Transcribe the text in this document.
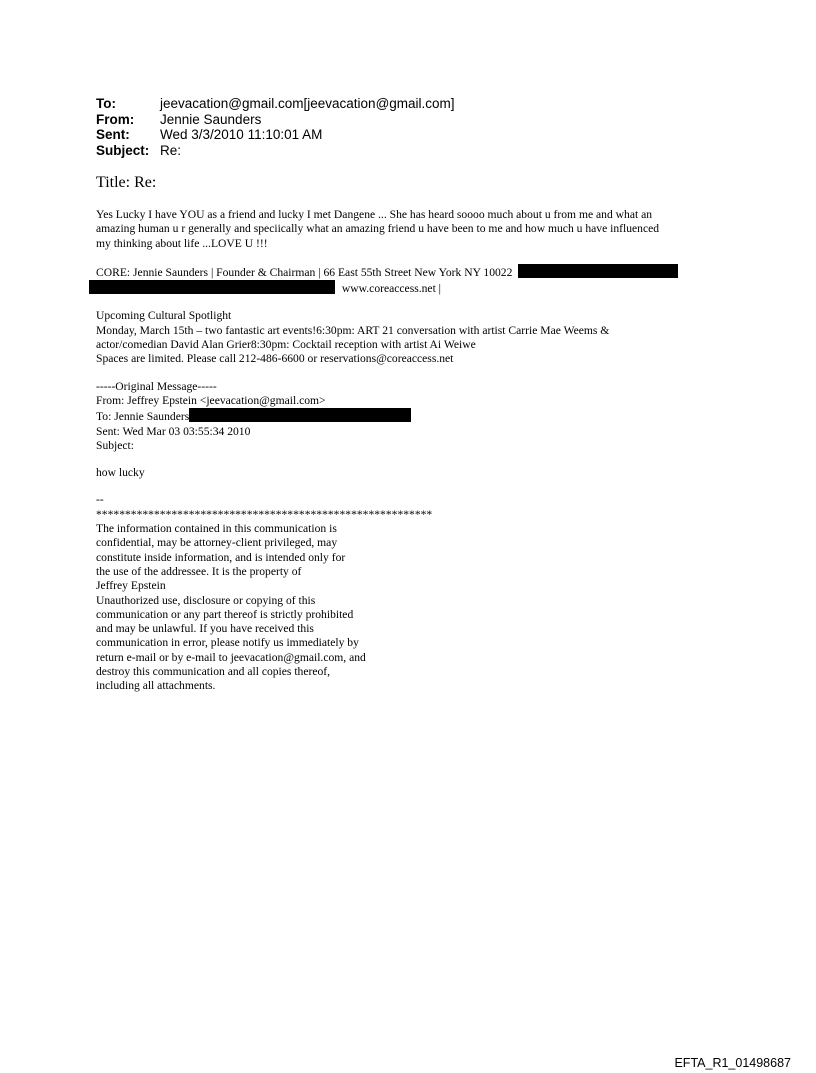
To:	jeevacation@gmail.com[jeevacation@gmail.com]
From:	Jennie Saunders
Sent:	Wed 3/3/2010 11:10:01 AM
Subject: Re:
Title: Re:
Yes Lucky I have YOU as a friend and lucky I met Dangene ... She has heard soooo much about u from me and what an
amazing human u r generally and speciically what an amazing friend u have been to me and how much u have influenced
my thinking about life ...LOVE U !!!
CORE: Jennie Saunders | Founder & Chairman | 66 East 55th Street New York NY 10022
www.coreaccess.net |
Upcoming Cultural Spotlight
Monday, March 15th – two fantastic art events!6:30pm: ART 21 conversation with artist Carrie Mae Weems &
actor/comedian David Alan Grier8:30pm: Cocktail reception with artist Ai Weiwe
Spaces are limited. Please call 212-486-6600 or reservations@coreaccess.net
-----Original Message-----
From: Jeffrey Epstein <jeevacation@gmail.com>
To: Jennie Saunders
Sent: Wed Mar 03 03:55:34 2010
Subject:
how lucky
--
**********************************************************
The information contained in this communication is
confidential, may be attorney-client privileged, may
constitute inside information, and is intended only for
the use of the addressee. It is the property of
Jeffrey Epstein
Unauthorized use, disclosure or copying of this
communication or any part thereof is strictly prohibited
and may be unlawful. If you have received this
communication in error, please notify us immediately by
return e-mail or by e-mail to jeevacation@gmail.com, and
destroy this communication and all copies thereof,
including all attachments.
EFTA_R1_01498687
